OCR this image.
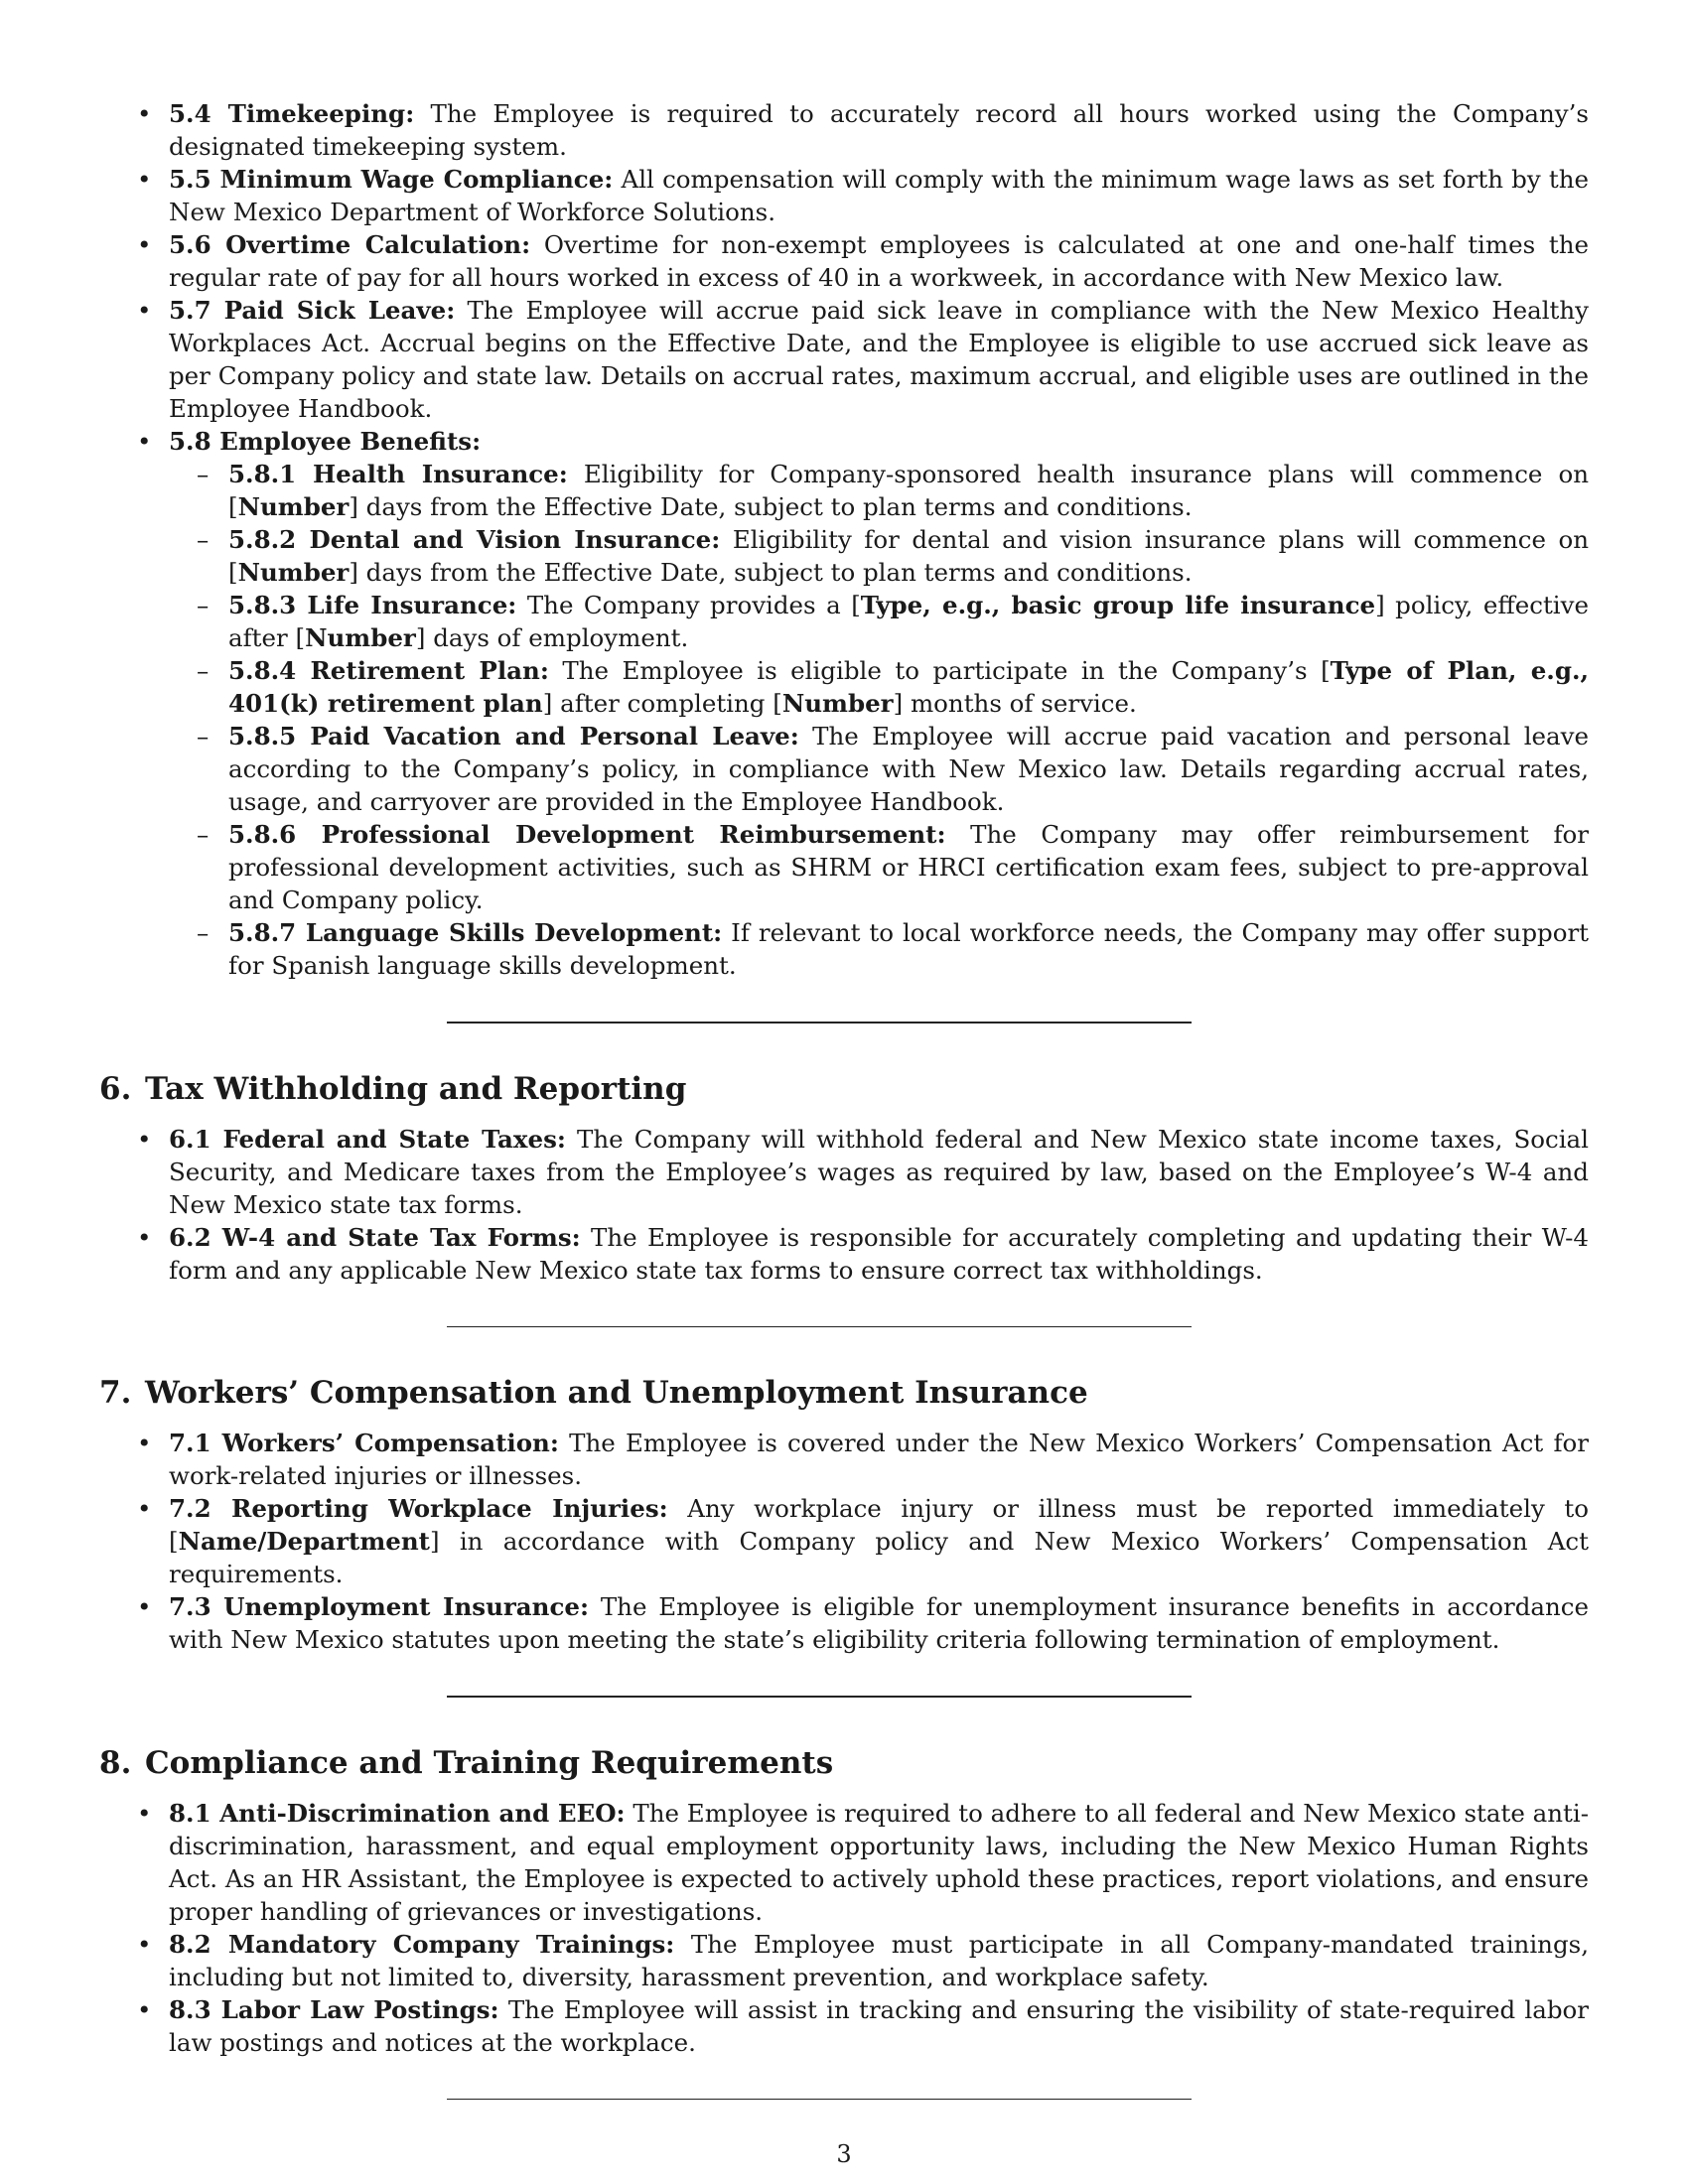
• 5.4 Timekeeping: The Employee is required to accurately record all hours worked using the Company’s designated timekeeping system.
• 5.5 Minimum Wage Compliance: All compensation will comply with the minimum wage laws as set forth by the New Mexico Department of Workforce Solutions.
• 5.6 Overtime Calculation: Overtime for non-exempt employees is calculated at one and one-half times the regular rate of pay for all hours worked in excess of 40 in a workweek, in accordance with New Mexico law.
• 5.7 Paid Sick Leave: The Employee will accrue paid sick leave in compliance with the New Mexico Healthy Workplaces Act. Accrual begins on the Effective Date, and the Employee is eligible to use accrued sick leave as per Company policy and state law. Details on accrual rates, maximum accrual, and eligible uses are outlined in the Employee Handbook.
• 5.8 Employee Benefits:
– 5.8.1 Health Insurance: Eligibility for Company-sponsored health insurance plans will commence on [Number] days from the Effective Date, subject to plan terms and conditions.
– 5.8.2 Dental and Vision Insurance: Eligibility for dental and vision insurance plans will commence on [Number] days from the Effective Date, subject to plan terms and conditions.
– 5.8.3 Life Insurance: The Company provides a [Type, e.g., basic group life insurance] policy, effective after [Number] days of employment.
– 5.8.4 Retirement Plan: The Employee is eligible to participate in the Company’s [Type of Plan, e.g., 401(k) retirement plan] after completing [Number] months of service.
– 5.8.5 Paid Vacation and Personal Leave: The Employee will accrue paid vacation and personal leave according to the Company’s policy, in compliance with New Mexico law. Details regarding accrual rates, usage, and carryover are provided in the Employee Handbook.
– 5.8.6 Professional Development Reimbursement: The Company may offer reimbursement for professional development activities, such as SHRM or HRCI certification exam fees, subject to pre-approval and Company policy.
– 5.8.7 Language Skills Development: If relevant to local workforce needs, the Company may offer support for Spanish language skills development.
6. Tax Withholding and Reporting
• 6.1 Federal and State Taxes: The Company will withhold federal and New Mexico state income taxes, Social Security, and Medicare taxes from the Employee’s wages as required by law, based on the Employee’s W-4 and New Mexico state tax forms.
• 6.2 W-4 and State Tax Forms: The Employee is responsible for accurately completing and updating their W-4 form and any applicable New Mexico state tax forms to ensure correct tax withholdings.
7. Workers’ Compensation and Unemployment Insurance
• 7.1 Workers’ Compensation: The Employee is covered under the New Mexico Workers’ Compensation Act for work-related injuries or illnesses.
• 7.2 Reporting Workplace Injuries: Any workplace injury or illness must be reported immediately to [Name/Department] in accordance with Company policy and New Mexico Workers’ Compensation Act requirements.
• 7.3 Unemployment Insurance: The Employee is eligible for unemployment insurance benefits in accordance with New Mexico statutes upon meeting the state’s eligibility criteria following termination of employment.
8. Compliance and Training Requirements
• 8.1 Anti-Discrimination and EEO: The Employee is required to adhere to all federal and New Mexico state anti-discrimination, harassment, and equal employment opportunity laws, including the New Mexico Human Rights Act. As an HR Assistant, the Employee is expected to actively uphold these practices, report violations, and ensure proper handling of grievances or investigations.
• 8.2 Mandatory Company Trainings: The Employee must participate in all Company-mandated trainings, including but not limited to, diversity, harassment prevention, and workplace safety.
• 8.3 Labor Law Postings: The Employee will assist in tracking and ensuring the visibility of state-required labor law postings and notices at the workplace.
3
